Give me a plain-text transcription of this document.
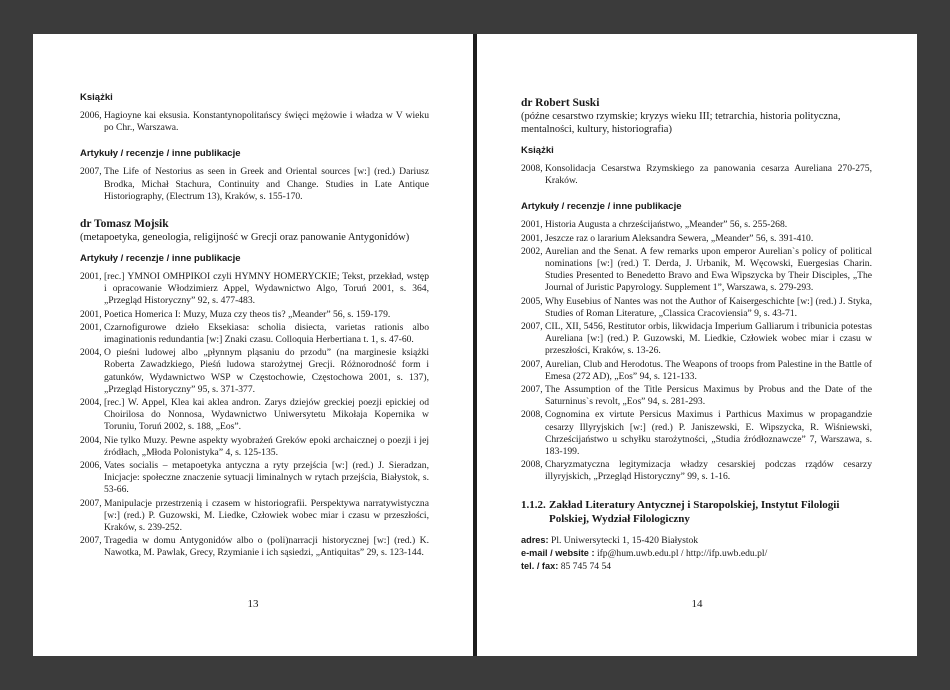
Książki
2006, Hagioyne kai eksusia. Konstantynopolitańscy święci mężowie i władza w V wieku po Chr., Warszawa.
Artykuły / recenzje / inne publikacje
2007, The Life of Nestorius as seen in Greek and Oriental sources [w:] (red.) Dariusz Brodka, Michał Stachura, Continuity and Change. Studies in Late Antique Historiography, (Electrum 13), Kraków, s. 155-170.
dr Tomasz Mojsik
(metapoetyka, geneologia, religijność w Grecji oraz panowanie Antygonidów)
Artykuły / recenzje / inne publikacje
2001, [rec.] ΥΜΝΟΙ ΟΜΗΡΙΚΟΙ czyli HYMNY HOMERYCKIE; Tekst, przekład, wstęp i opracowanie Włodzimierz Appel, Wydawnictwo Algo, Toruń 2001, s. 364, „Przegląd Historyczny” 92, s. 477-483.
2001, Poetica Homerica I: Muzy, Muza czy theos tis? „Meander” 56, s. 159-179.
2001, Czarnofigurowe dzieło Eksekiasa: scholia disiecta, varietas rationis albo imaginationis redundantia [w:] Znaki czasu. Colloquia Herbertiana t. 1, s. 47-60.
2004, O pieśni ludowej albo „płynnym pląsaniu do przodu” (na marginesie książki Roberta Zawadzkiego, Pieśń ludowa starożytnej Grecji. Różnorodność form i gatunków, Wydawnictwo WSP w Częstochowie, Częstochowa 2001, s. 137), „Przegląd Historyczny” 95, s. 371-377.
2004, [rec.] W. Appel, Klea kai aklea andron. Zarys dziejów greckiej poezji epickiej od Choirilosa do Nonnosa, Wydawnictwo Uniwersytetu Mikołaja Kopernika w Toruniu, Toruń 2002, s. 188, „Eos”.
2004, Nie tylko Muzy. Pewne aspekty wyobrażeń Greków epoki archaicznej o poezji i jej źródłach, „Młoda Polonistyka” 4, s. 125-135.
2006, Vates socialis – metapoetyka antyczna a ryty przejścia [w:] (red.) J. Sieradzan, Inicjacje: społeczne znaczenie sytuacji liminalnych w rytach przejścia, Białystok, s. 53-66.
2007, Manipulacje przestrzenią i czasem w historiografii. Perspektywa narratywistyczna [w:] (red.) P. Guzowski, M. Liedke, Człowiek wobec miar i czasu w przeszłości, Kraków, s. 239-252.
2007, Tragedia w domu Antygonidów albo o (poli)narracji historycznej [w:] (red.) K. Nawotka, M. Pawlak, Grecy, Rzymianie i ich sąsiedzi, „Antiquitas” 29, s. 123-144.
13
dr Robert Suski
(późne cesarstwo rzymskie; kryzys wieku III; tetrarchia, historia polityczna, mentalności, kultury, historiografia)
Książki
2008, Konsolidacja Cesarstwa Rzymskiego za panowania cesarza Aureliana 270-275, Kraków.
Artykuły / recenzje / inne publikacje
2001, Historia Augusta a chrześcijaństwo, „Meander” 56, s. 255-268.
2001, Jeszcze raz o lararium Aleksandra Sewera, „Meander” 56, s. 391-410.
2002, Aurelian and the Senat. A few remarks upon emperor Aurelian`s policy of political nominations [w:] (red.) T. Derda, J. Urbanik, M. Węcowski, Euergesias Charin. Studies Presented to Benedetto Bravo and Ewa Wipszycka by Their Disciples, „The Journal of Juristic Papyrology. Supplement 1”, Warszawa, s. 279-293.
2005, Why Eusebius of Nantes was not the Author of Kaisergeschichte [w:] (red.) J. Styka, Studies of Roman Literature, „Classica Cracoviensia” 9, s. 43-71.
2007, CIL, XII, 5456, Restitutor orbis, likwidacja Imperium Galliarum i tribunicia potestas Aureliana [w:] (red.) P. Guzowski, M. Liedkie, Człowiek wobec miar i czasu w przeszłości, Kraków, s. 13-26.
2007, Aurelian, Club and Herodotus. The Weapons of troops from Palestine in the Battle of Emesa (272 AD), „Eos” 94, s. 121-133.
2007, The Assumption of the Title Persicus Maximus by Probus and the Date of the Saturninus`s revolt, „Eos” 94, s. 281-293.
2008, Cognomina ex virtute Persicus Maximus i Parthicus Maximus w propagandzie cesarzy Illyryjskich [w:] (red.) P. Janiszewski, E. Wipszycka, R. Wiśniewski, Chrześcijaństwo u schyłku starożytności, „Studia źródłoznawcze” 7, Warszawa, s. 183-199.
2008, Charyzmatyczna legitymizacja władzy cesarskiej podczas rządów cesarzy illyryjskich, „Przegląd Historyczny” 99, s. 1-16.
1.1.2. Zakład Literatury Antycznej i Staropolskiej, Instytut Filologii Polskiej, Wydział Filologiczny
adres: Pl. Uniwersytecki 1, 15-420 Białystok
e-mail / website : ifp@hum.uwb.edu.pl / http://ifp.uwb.edu.pl/
tel. / fax: 85 745 74 54
14
